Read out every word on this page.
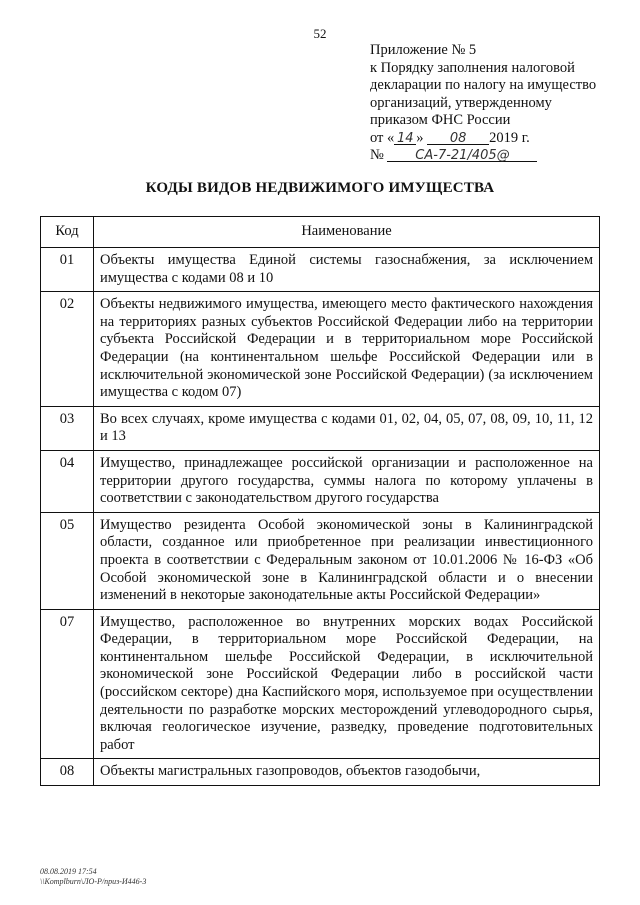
52
Приложение № 5
к Порядку заполнения налоговой
декларации по налогу на имущество
организаций, утвержденному
приказом ФНС России
от « 14 » 08 2019 г.
№ СА-7-21/405@
КОДЫ ВИДОВ НЕДВИЖИМОГО ИМУЩЕСТВА
Код	Наименование
01	Объекты имущества Единой системы газоснабжения, за исключением имущества с кодами 08 и 10
02	Объекты недвижимого имущества, имеющего место фактического нахождения на территориях разных субъектов Российской Федерации либо на территории субъекта Российской Федерации и в территориальном море Российской Федерации (на континентальном шельфе Российской Федерации или в исключительной экономической зоне Российской Федерации) (за исключением имущества с кодом 07)
03	Во всех случаях, кроме имущества с кодами 01, 02, 04, 05, 07, 08, 09, 10, 11, 12 и 13
04	Имущество, принадлежащее российской организации и расположенное на территории другого государства, суммы налога по которому уплачены в соответствии с законодательством другого государства
05	Имущество резидента Особой экономической зоны в Калининградской области, созданное или приобретенное при реализации инвестиционного проекта в соответствии с Федеральным законом от 10.01.2006 № 16-ФЗ «Об Особой экономической зоне в Калининградской области и о внесении изменений в некоторые законодательные акты Российской Федерации»
07	Имущество, расположенное во внутренних морских водах Российской Федерации, в территориальном море Российской Федерации, на континентальном шельфе Российской Федерации, в исключительной экономической зоне Российской Федерации либо в российской части (российском секторе) дна Каспийского моря, используемое при осуществлении деятельности по разработке морских месторождений углеводородного сырья, включая геологическое изучение, разведку, проведение подготовительных работ
08	Объекты магистральных газопроводов, объектов газодобычи,
08.08.2019 17:54
\\Komplburn\ЛО-Р/приз-И446-3
